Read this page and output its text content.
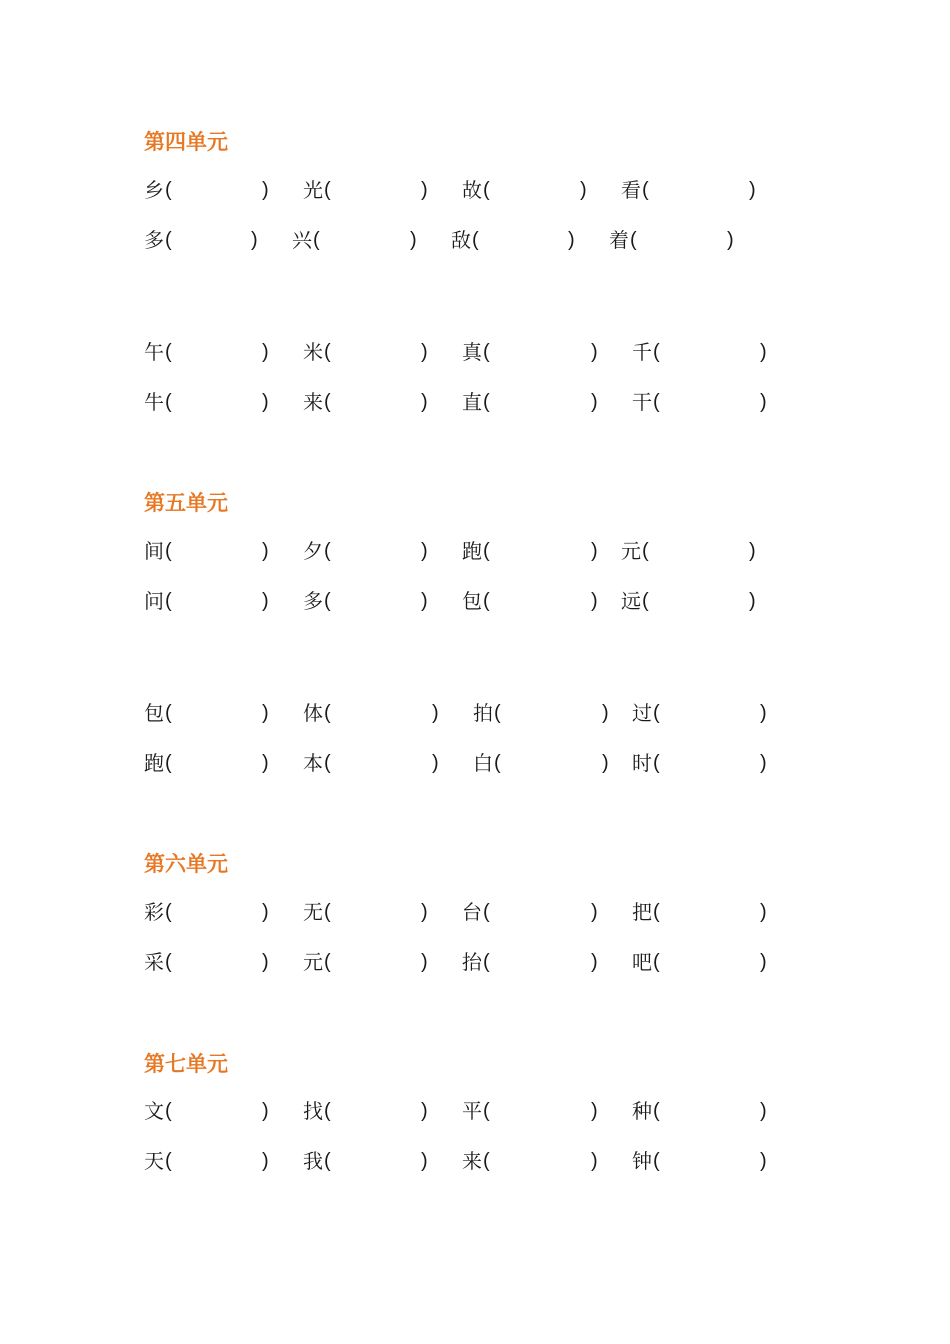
第四单元
第五单元
第六单元
第七单元
乡 (	) 光 (	) 故 (	) 看 (	)
多 (	) 兴 (	) 敌 (	) 着 (	)
午 (	) 米 (	) 真 (	) 千 (	)
牛 (	) 来 (	) 直 (	) 干 (	)
间 (	) 夕 (	) 跑 (	) 元 (	)
问 (	) 多 (	) 包 (	) 远 (	)
包 (	) 体 (	) 拍 (	) 过 (	)
跑 (	) 本 (	) 白 (	) 时 (	)
彩 (	) 无 (	) 台 (	) 把 (	)
采 (	) 元 (	) 抬 (	) 吧 (	)
文 (	) 找 (	) 平 (	) 种 (	)
天 (	) 我 (	) 来 (	) 钟 (	)
